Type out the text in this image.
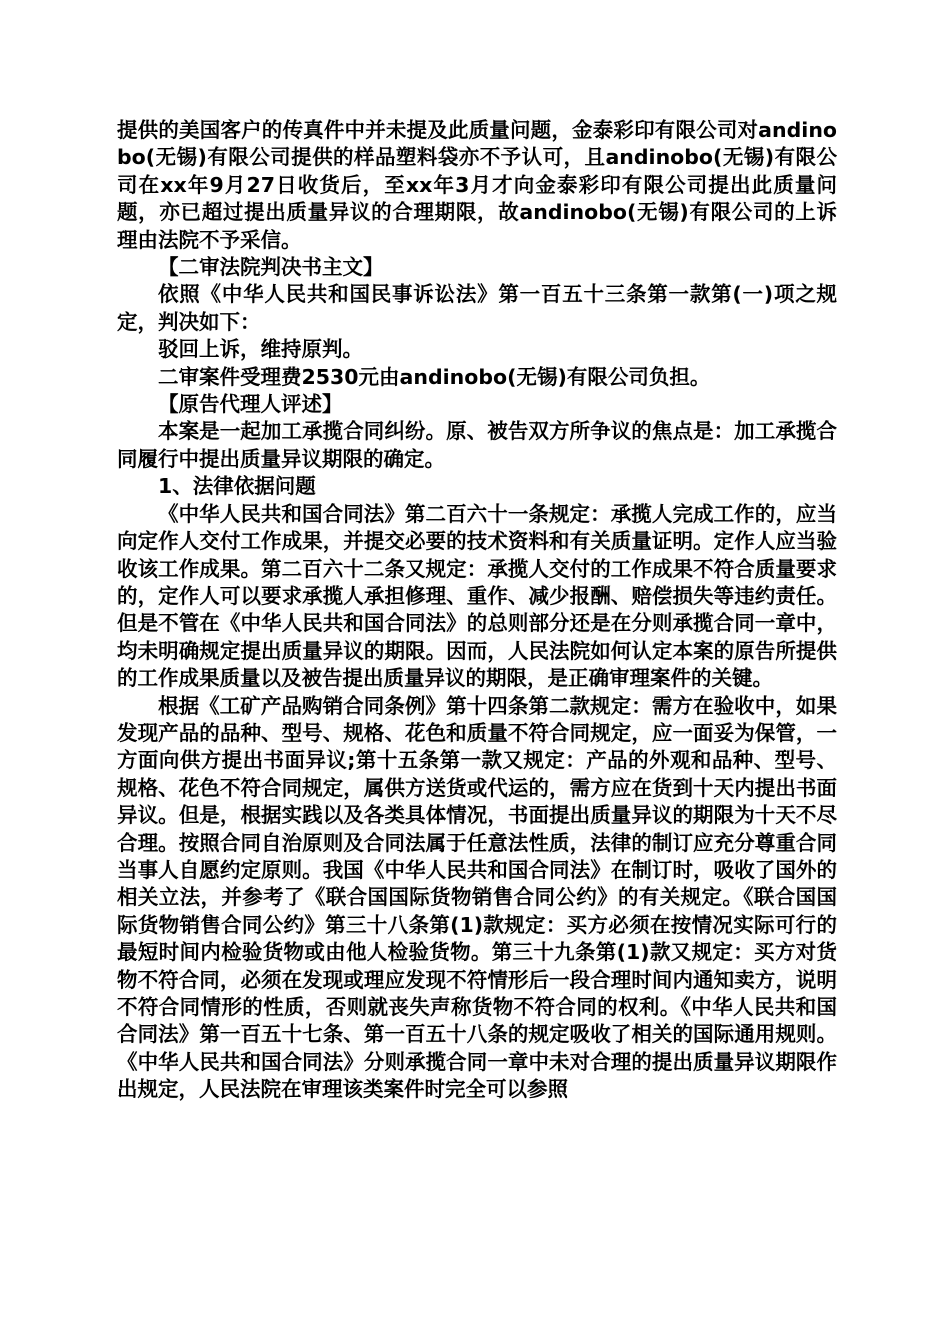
提供的美国客户的传真件中并未提及此质量问题，金泰彩印有限公司对andinobo(无锡)有限公司提供的样品塑料袋亦不予认可，且andinobo(无锡)有限公司在xx年9月27日收货后，至xx年3月才向金泰彩印有限公司提出此质量问题，亦已超过提出质量异议的合理期限，故andinobo(无锡)有限公司的上诉理由法院不予采信。

【二审法院判决书主文】

依照《中华人民共和国民事诉讼法》第一百五十三条第一款第(一)项之规定，判决如下：

驳回上诉，维持原判。

二审案件受理费2530元由andinobo(无锡)有限公司负担。

【原告代理人评述】

本案是一起加工承揽合同纠纷。原、被告双方所争议的焦点是：加工承揽合同履行中提出质量异议期限的确定。

1、法律依据问题

《中华人民共和国合同法》第二百六十一条规定：承揽人完成工作的，应当向定作人交付工作成果，并提交必要的技术资料和有关质量证明。定作人应当验收该工作成果。第二百六十二条又规定：承揽人交付的工作成果不符合质量要求的，定作人可以要求承揽人承担修理、重作、减少报酬、赔偿损失等违约责任。但是不管在《中华人民共和国合同法》的总则部分还是在分则承揽合同一章中，均未明确规定提出质量异议的期限。因而，人民法院如何认定本案的原告所提供的工作成果质量以及被告提出质量异议的期限，是正确审理案件的关键。

根据《工矿产品购销合同条例》第十四条第二款规定：需方在验收中，如果发现产品的品种、型号、规格、花色和质量不符合同规定，应一面妥为保管，一方面向供方提出书面异议;第十五条第一款又规定：产品的外观和品种、型号、规格、花色不符合同规定，属供方送货或代运的，需方应在货到十天内提出书面异议。但是，根据实践以及各类具体情况，书面提出质量异议的期限为十天不尽合理。按照合同自治原则及合同法属于任意法性质，法律的制订应充分尊重合同当事人自愿约定原则。我国《中华人民共和国合同法》在制订时，吸收了国外的相关立法，并参考了《联合国国际货物销售合同公约》的有关规定。《联合国国际货物销售合同公约》第三十八条第(1)款规定：买方必须在按情况实际可行的最短时间内检验货物或由他人检验货物。第三十九条第(1)款又规定：买方对货物不符合同，必须在发现或理应发现不符情形后一段合理时间内通知卖方，说明不符合同情形的性质，否则就丧失声称货物不符合同的权利。《中华人民共和国合同法》第一百五十七条、第一百五十八条的规定吸收了相关的国际通用规则。《中华人民共和国合同法》分则承揽合同一章中未对合理的提出质量异议期限作出规定，人民法院在审理该类案件时完全可以参照
